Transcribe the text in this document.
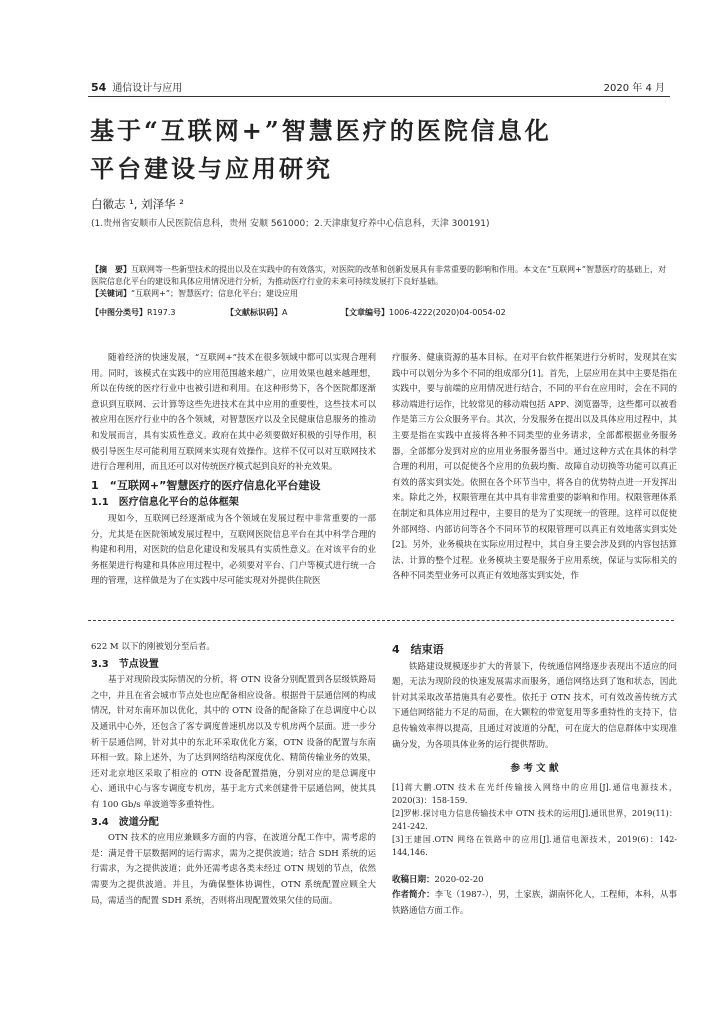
54 通信设计与应用	2020 年 4 月
基于“互联网+”智慧医疗的医院信息化
平台建设与应用研究
白徽志 ¹, 刘泽华 ²
(1.贵州省安顺市人民医院信息科，贵州 安顺 561000；2.天津康复疗养中心信息科，天津 300191)

【摘　要】互联网等一些新型技术的提出以及在实践中的有效落实，对医院的改革和创新发展具有非常重要的影响和作用。本文在“互联网+”智慧医疗的基础上，对医院信息化平台的建设和具体应用情况进行分析，为推动医疗行业的未来可持续发展打下良好基础。

【关键词】“互联网+”；智慧医疗；信息化平台；建设应用

【中图分类号】R197.3	【文献标识码】A	【文章编号】1006-4222(2020)04-0054-02

随着经济的快速发展，“互联网+”技术在很多领域中都可以实现合理利用。同时，该模式在实践中的应用范围越来越广，应用效果也越来越理想，所以在传统的医疗行业中也被引进和利用。在这种形势下，各个医院都逐渐意识到互联网、云计算等这些先进技术在其中应用的重要性，这些技术可以被应用在医疗行业中的各个领域，对智慧医疗以及全民健康信息服务的推动和发展而言，具有实质性意义。政府在其中必须要做好积极的引导作用，积极引导医生尽可能利用互联网来实现有效操作。这样不仅可以对互联网技术进行合理利用，而且还可以对传统医疗模式起到良好的补充效果。

1　“互联网+”智慧医疗的医疗信息化平台建设

1.1　医疗信息化平台的总体框架

现如今，互联网已经逐渐成为各个领域在发展过程中非常重要的一部分，尤其是在医院领域发展过程中，互联网医院信息平台在其中科学合理的构建和利用，对医院的信息化建设和发展具有实质性意义。在对该平台的业务框架进行构建和具体应用过程中，必须要对平台、门户等模式进行统一合理的管理，这样做是为了在实践中尽可能实现对外提供住院医

疗服务、健康资源的基本目标。在对平台软件框架进行分析时，发现其在实践中可以划分为多个不同的组成部分[1]。首先，上层应用在其中主要是指在实践中，要与前端的应用情况进行结合，不同的平台在应用时，会在不同的移动端进行运作，比较常见的移动端包括 APP、浏览器等，这些都可以被看作是第三方公众服务平台。其次，分发服务在提出以及具体应用过程中，其主要是指在实践中直接将各种不同类型的业务请求，全部都根据业务服务器，全部都分发到对应的应用业务服务器当中。通过这种方式在具体的科学合理的利用，可以促使各个应用的负载均衡、故障自动切换等功能可以真正有效的落实到实处。依照在各个环节当中，将各自的优势特点进一开发挥出来。除此之外，权限管理在其中具有非常重要的影响和作用。权限管理体系在制定和具体应用过程中，主要目的是为了实现统一的管理。这样可以促使外部网络、内部访问等各个不同环节的权限管理可以真正有效地落实到实处[2]。另外，业务模块在实际应用过程中，其自身主要会涉及到的内容包括算法、计算的整个过程。业务模块主要是服务于应用系统，保证与实际相关的各种不同类型业务可以真正有效地落实到实处，作

622 M 以下的刚被划分至后者。

3.3　节点设置

基于对现阶段实际情况的分析，将 OTN 设备分别配置到各层级铁路局之中，并且在省会城市节点处也应配备相应设备。根据骨干层通信网的构成情况，针对东南环加以优化，其中的 OTN 设备的配备除了在总调度中心以及通讯中心外，还包含了客专调度普速机房以及专机房两个层面。进一步分析干层通信网，针对其中的东北环采取优化方案，OTN 设备的配置与东南环相一致。除上述外，为了达到网络结构深度优化、精简传输业务的效果，还对北京地区采取了相应的 OTN 设备配置措施，分别对应的是总调度中心、通讯中心与客专调度专机房，基于北方式来创建骨干层通信网，使其具有 100 Gb/s 单波道等多重特性。

3.4　波道分配

OTN 技术的应用应兼顾多方面的内容，在波道分配工作中，需考虑的是：满足骨干层数据网的运行需求，需为之提供波道；结合 SDH 系统的运行需求，为之提供波道；此外还需考虑各类未经过 OTN 规划的节点，依然需要为之提供波道。并且，为确保整体协调性，OTN 系统配置应顾全大局，需适当的配置 SDH 系统，否则将出现配置效果欠佳的局面。

4　结束语

铁路建设规模逐步扩大的背景下，传统通信网络逐步表现出不适应的问题，无法为现阶段的快速发展需求而服务，通信网络达到了饱和状态，因此针对其采取改革措施具有必要性。依托于 OTN 技术，可有效改善传统方式下通信网络能力不足的局面，在大颗粒的带宽复用等多重特性的支持下，信息传输效率得以提高，且通过对波道的分配，可在庞大的信息群体中实现准确分发，为各项具体业务的运行提供帮助。

参 考 文 献

[1]蒋大鹏.OTN 技术在光纤传输接入网络中的应用[J].通信电源技术，2020(3)：158-159.

[2]罗彬.探讨电力信息传输技术中 OTN 技术的运用[J].通讯世界，2019(11)：241-242.

[3]王建国.OTN 网络在铁路中的应用[J].通信电源技术，2019(6)：142-144,146.

收稿日期：2020-02-20

作者简介：李飞（1987-），男，土家族，湖南怀化人，工程师，本科，从事铁路通信方面工作。
